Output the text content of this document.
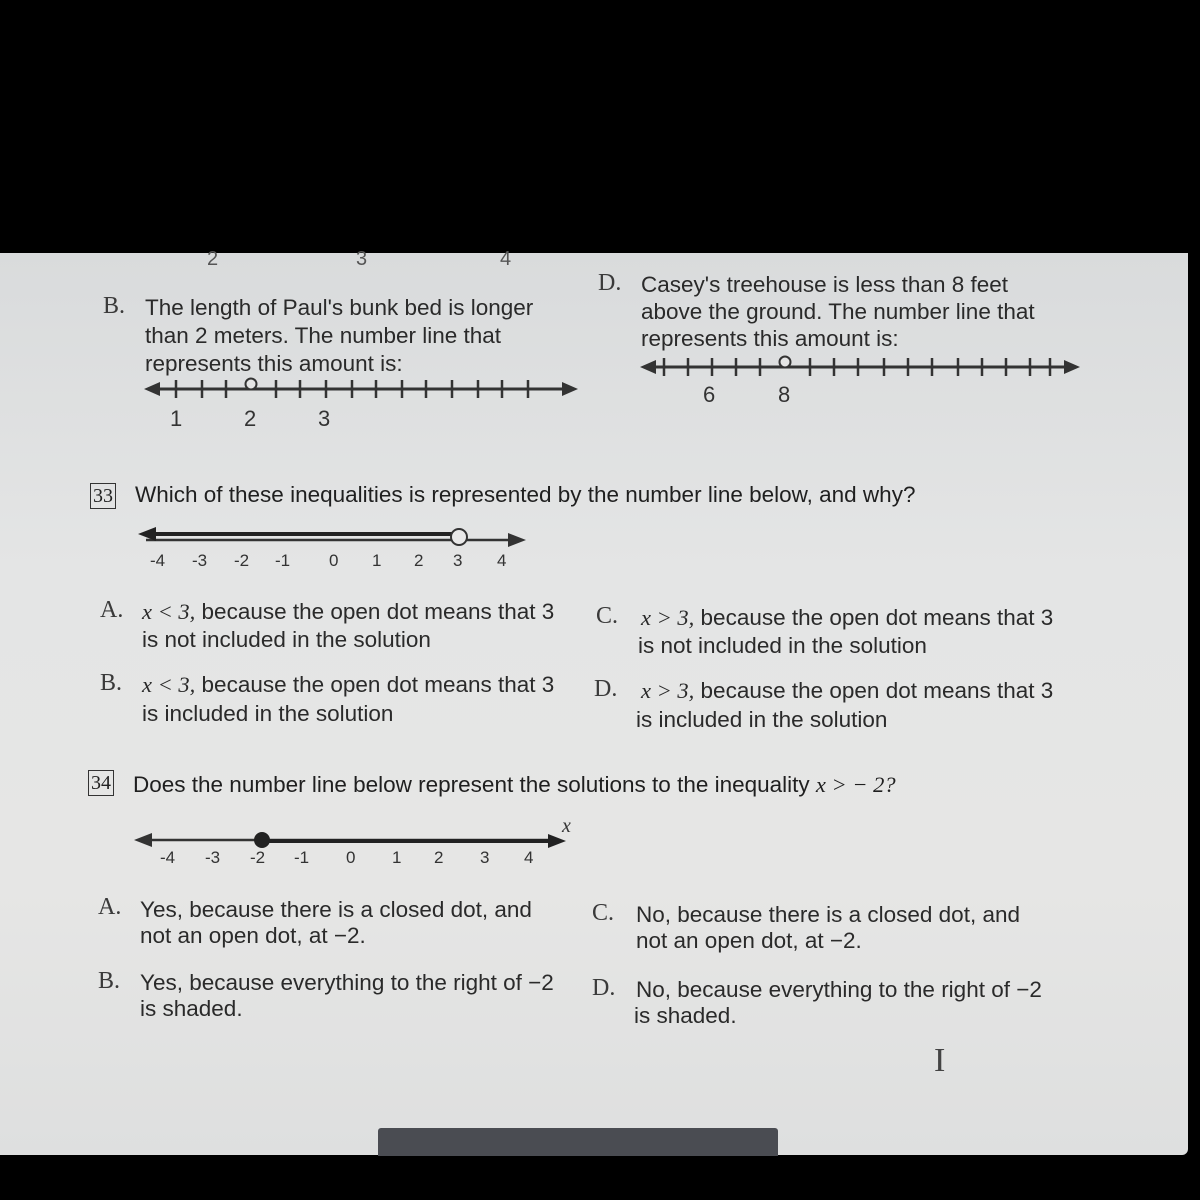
2	3	4
B. The length of Paul's bunk bed is longer
than 2 meters. The number line that
represents this amount is:
D. Casey's treehouse is less than 8 feet
above the ground. The number line that
represents this amount is:
33 Which of these inequalities is represented by the number line below, and why?
A. x < 3, because the open dot means that 3
is not included in the solution
B. x < 3, because the open dot means that 3
is included in the solution
C. x > 3, because the open dot means that 3
is not included in the solution
D. x > 3, because the open dot means that 3
is included in the solution
34 Does the number line below represent the solutions to the inequality x > − 2?
A. Yes, because there is a closed dot, and
not an open dot, at −2.
B. Yes, because everything to the right of −2
is shaded.
C. No, because there is a closed dot, and
not an open dot, at −2.
D. No, because everything to the right of −2
is shaded.
1	2	3
6	8
-4 -3 -2 -1 0 1 2 3 4
x
-4 -3 -2 -1 0 1 2 3 4
I
